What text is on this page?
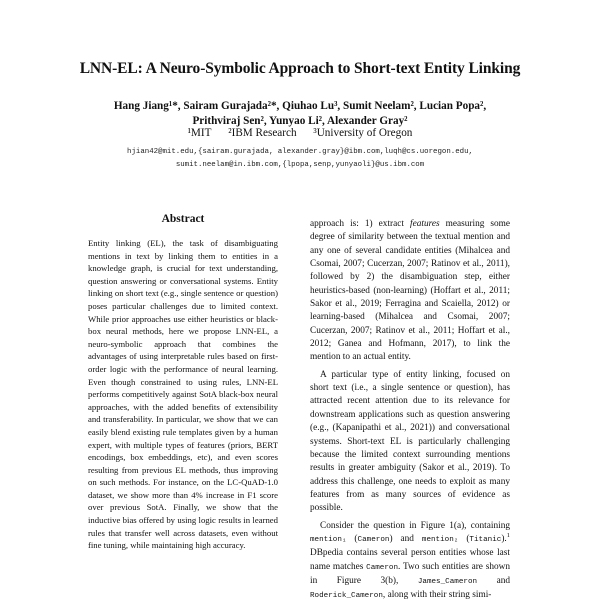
LNN-EL: A Neuro-Symbolic Approach to Short-text Entity Linking
Hang Jiang¹*, Sairam Gurajada²*, Qiuhao Lu³, Sumit Neelam², Lucian Popa²,
Prithviraj Sen², Yunyao Li², Alexander Gray²
¹MIT ²IBM Research ³University of Oregon
hjian42@mit.edu,{sairam.gurajada, alexander.gray}@ibm.com,luqh@cs.uoregon.edu,
sumit.neelam@in.ibm.com,{lpopa,senp,yunyaoli}@us.ibm.com
Abstract
Entity linking (EL), the task of disambiguating mentions in text by linking them to entities in a knowledge graph, is crucial for text understanding, question answering or conversational systems. Entity linking on short text (e.g., single sentence or question) poses particular challenges due to limited context. While prior approaches use either heuristics or black-box neural methods, here we propose LNN-EL, a neuro-symbolic approach that combines the advantages of using interpretable rules based on first-order logic with the performance of neural learning. Even though constrained to using rules, LNN-EL performs competitively against SotA black-box neural approaches, with the added benefits of extensibility and transferability. In particular, we show that we can easily blend existing rule templates given by a human expert, with multiple types of features (priors, BERT encodings, box embeddings, etc), and even scores resulting from previous EL methods, thus improving on such methods. For instance, on the LC-QuAD-1.0 dataset, we show more than 4% increase in F1 score over previous SotA. Finally, we show that the inductive bias offered by using logic results in learned rules that transfer well across datasets, even without fine tuning, while maintaining high accuracy.

approach is: 1) extract features measuring some degree of similarity between the textual mention and any one of several candidate entities (Mihalcea and Csomai, 2007; Cucerzan, 2007; Ratinov et al., 2011), followed by 2) the disambiguation step, either heuristics-based (non-learning) (Hoffart et al., 2011; Sakor et al., 2019; Ferragina and Scaiella, 2012) or learning-based (Mihalcea and Csomai, 2007; Cucerzan, 2007; Ratinov et al., 2011; Hoffart et al., 2012; Ganea and Hofmann, 2017), to link the mention to an actual entity.

A particular type of entity linking, focused on short text (i.e., a single sentence or question), has attracted recent attention due to its relevance for downstream applications such as question answering (e.g., (Kapanipathi et al., 2021)) and conversational systems. Short-text EL is particularly challenging because the limited context surrounding mentions results in greater ambiguity (Sakor et al., 2019). To address this challenge, one needs to exploit as many features from as many sources of evidence as possible.

Consider the question in Figure 1(a), containing mention₁ (Cameron) and mention₂ (Titanic).$^1$ DBpedia contains several person entities whose last name matches Cameron. Two such entities are shown in Figure 3(b), James_Cameron and Roderick_Cameron, along with their string simi-
